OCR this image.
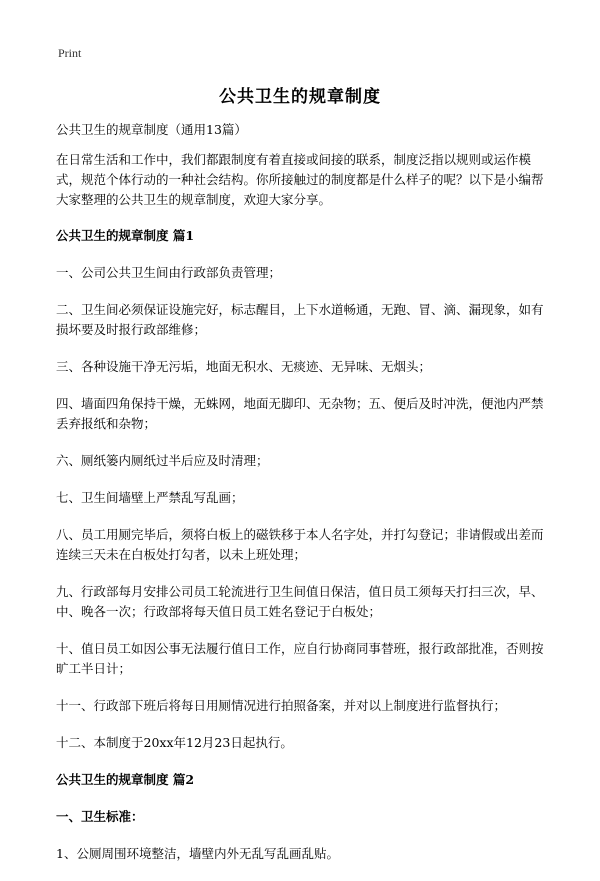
Print
公共卫生的规章制度
公共卫生的规章制度（通用13篇）
在日常生活和工作中，我们都跟制度有着直接或间接的联系，制度泛指以规则或运作模式，规范个体行动的一种社会结构。你所接触过的制度都是什么样子的呢？以下是小编帮大家整理的公共卫生的规章制度，欢迎大家分享。
公共卫生的规章制度 篇1
一、公司公共卫生间由行政部负责管理；
二、卫生间必须保证设施完好，标志醒目，上下水道畅通，无跑、冒、滴、漏现象，如有损坏要及时报行政部维修；
三、各种设施干净无污垢，地面无积水、无痰迹、无异味、无烟头；
四、墙面四角保持干燥，无蛛网，地面无脚印、无杂物；五、便后及时冲洗，便池内严禁丢弃报纸和杂物；
六、厕纸篓内厕纸过半后应及时清理；
七、卫生间墙壁上严禁乱写乱画；
八、员工用厕完毕后，须将白板上的磁铁移于本人名字处，并打勾登记；非请假或出差而连续三天未在白板处打勾者，以未上班处理；
九、行政部每月安排公司员工轮流进行卫生间值日保洁，值日员工须每天打扫三次，早、中、晚各一次；行政部将每天值日员工姓名登记于白板处；
十、值日员工如因公事无法履行值日工作，应自行协商同事替班，报行政部批准，否则按旷工半日计；
十一、行政部下班后将每日用厕情况进行拍照备案，并对以上制度进行监督执行；
十二、本制度于20xx年12月23日起执行。
公共卫生的规章制度 篇2
一、卫生标准：
1、公厕周围环境整洁，墙壁内外无乱写乱画乱贴。
